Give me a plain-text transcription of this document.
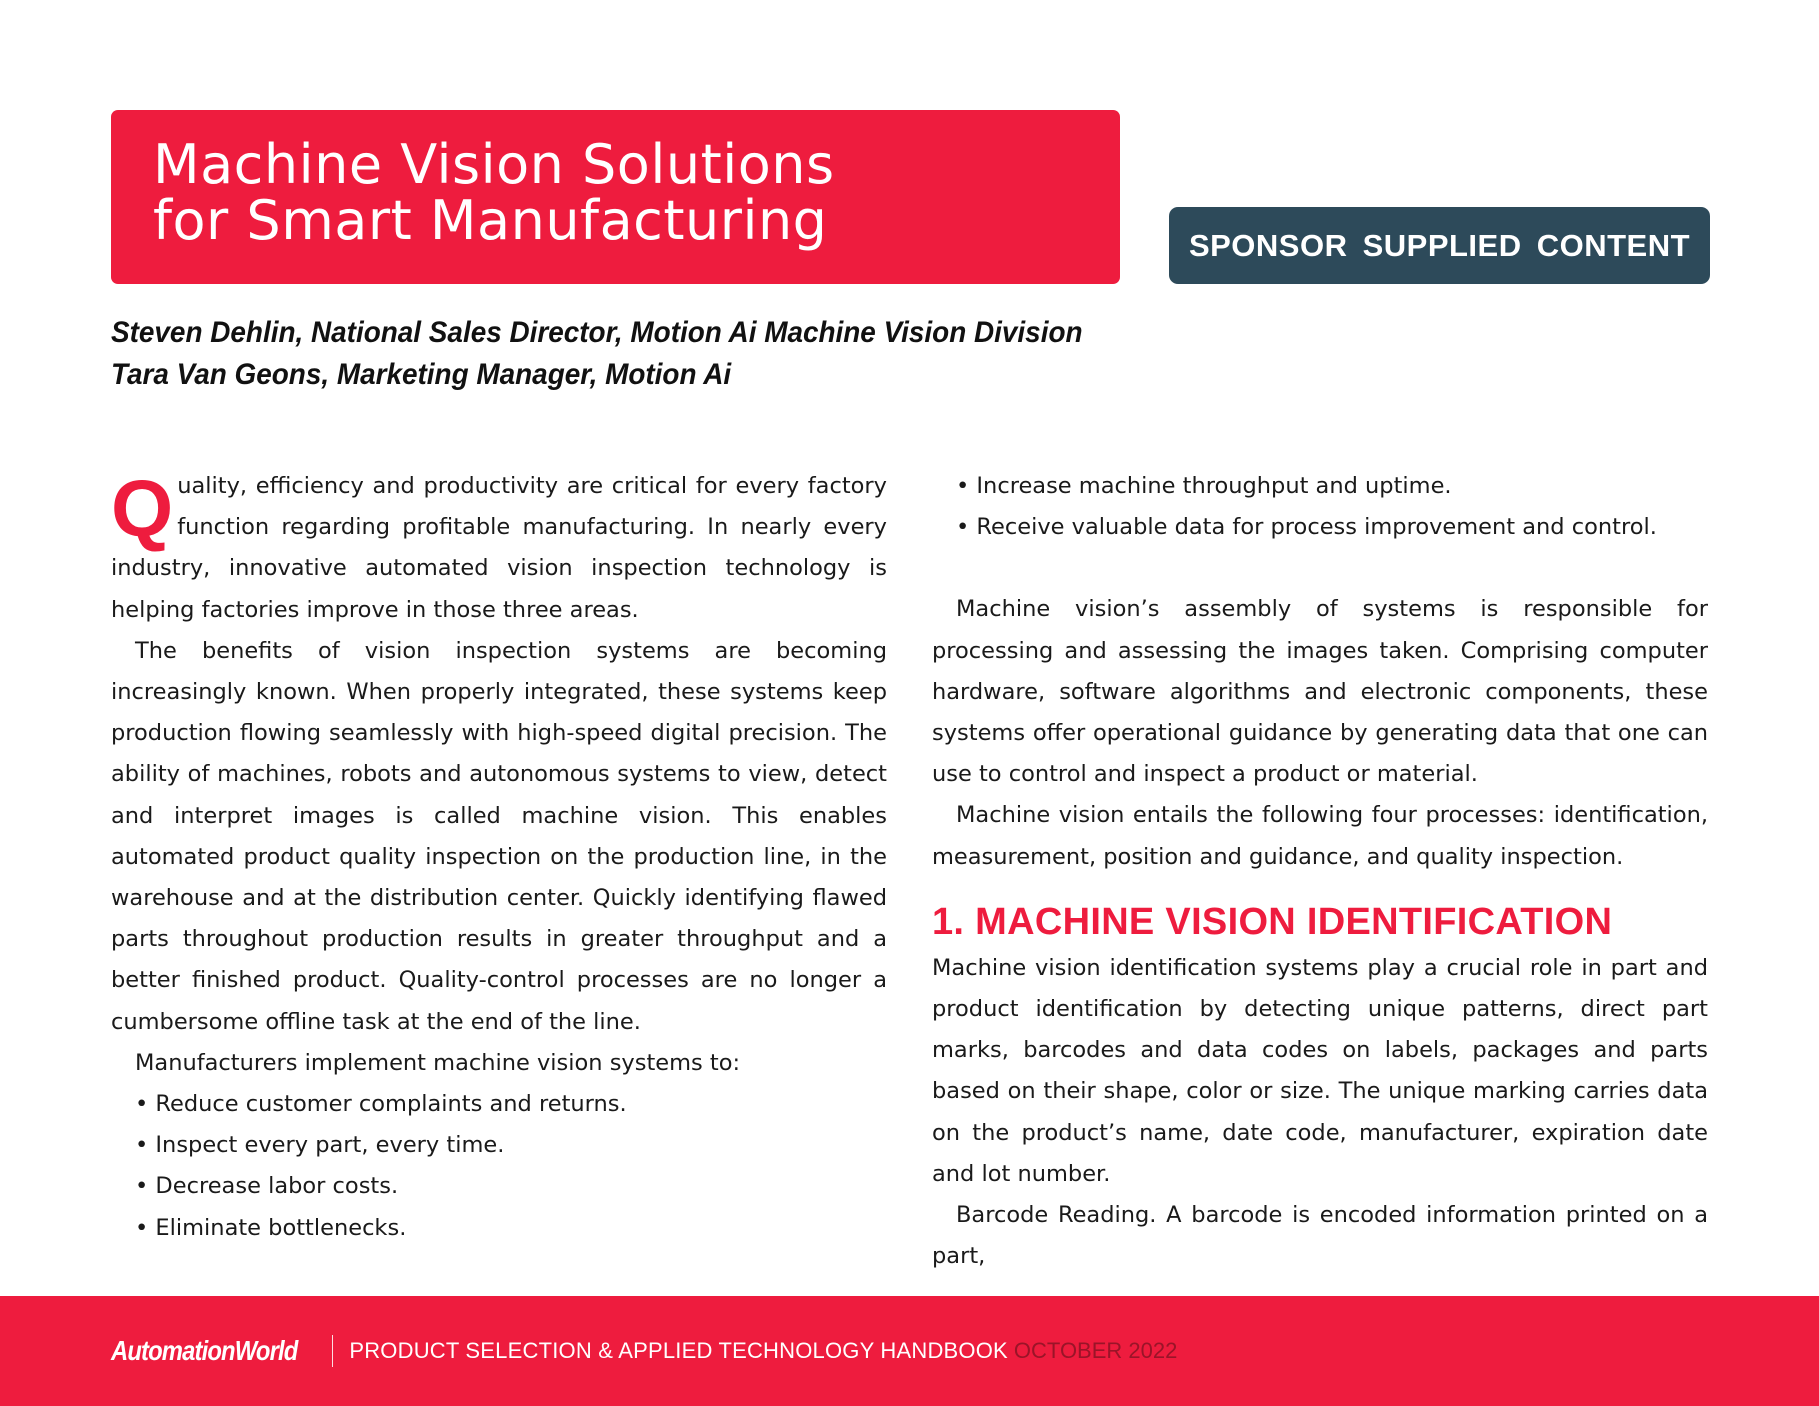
Machine Vision Solutions
for Smart Manufacturing	SPONSOR SUPPLIED CONTENT
Steven Dehlin, National Sales Director, Motion Ai Machine Vision Division
Tara Van Geons, Marketing Manager, Motion Ai

Quality, efficiency and productivity are critical for every factory function regarding profitable manufacturing. In nearly every industry, innovative automated vision inspection technology is helping factories improve in those three areas.

The benefits of vision inspection systems are becoming increasingly known. When properly integrated, these systems keep production flowing seamlessly with high-speed digital precision. The ability of machines, robots and autonomous systems to view, detect and interpret images is called machine vision. This enables automated product quality inspection on the production line, in the warehouse and at the distribution center. Quickly identifying flawed parts throughout production results in greater throughput and a better finished product. Quality-control processes are no longer a cumbersome offline task at the end of the line.

Manufacturers implement machine vision systems to:

• Reduce customer complaints and returns.

• Inspect every part, every time.

• Decrease labor costs.

• Eliminate bottlenecks.

• Increase machine throughput and uptime.

• Receive valuable data for process improvement and control.

Machine vision’s assembly of systems is responsible for processing and assessing the images taken. Comprising computer hardware, software algorithms and electronic components, these systems offer operational guidance by generating data that one can use to control and inspect a product or material.

Machine vision entails the following four processes: identification, measurement, position and guidance, and quality inspection.

1. MACHINE VISION IDENTIFICATION

Machine vision identification systems play a crucial role in part and product identification by detecting unique patterns, direct part marks, barcodes and data codes on labels, packages and parts based on their shape, color or size. The unique marking carries data on the product’s name, date code, manufacturer, expiration date and lot number.

Barcode Reading. A barcode is encoded information printed on a part,

AutomationWorld PRODUCT SELECTION & APPLIED TECHNOLOGY HANDBOOK OCTOBER 2022
